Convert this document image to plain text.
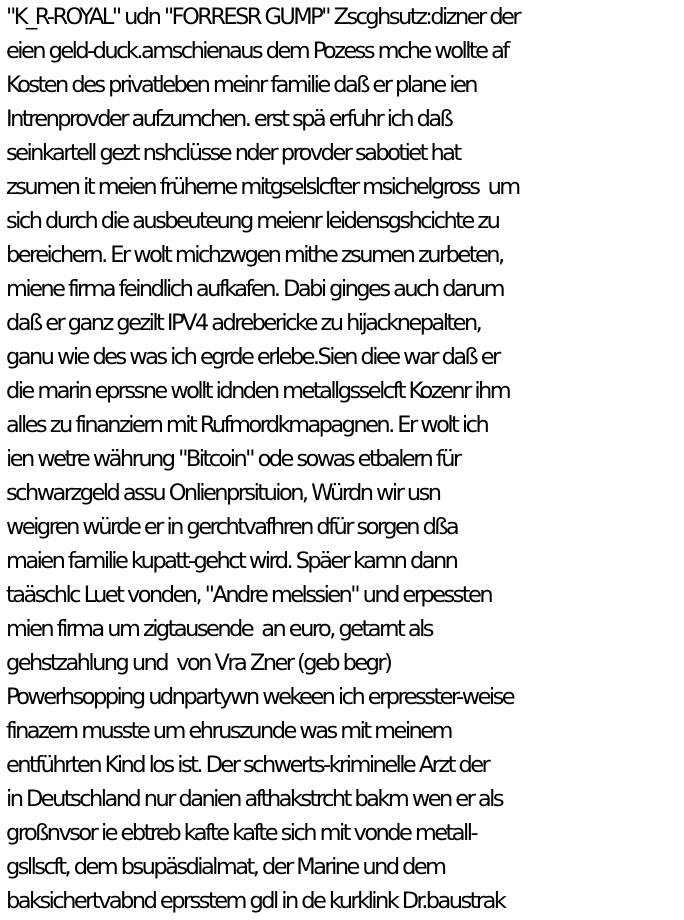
"K_R-ROYAL" udn "FORRESR GUMP" Zscghsutz:dizner der
eien geld-duck.amschienaus dem Pozess mche wollte af
Kosten des privatleben meinr familie daß er plane ien
Intrenprovder aufzumchen. erst spä erfuhr ich daß
seinkartell gezt nshclüsse nder provder sabotiet hat
zsumen it meien früherne mitgselslcfter msichelgross  um
sich durch die ausbeuteung meienr leidensgshcichte zu
bereichern. Er wolt michzwgen mithe zsumen zurbeten,
miene firma feindlich aufkafen. Dabi ginges auch darum
daß er ganz gezilt IPV4 adrebericke zu hijacknepalten,
ganu wie des was ich egrde erlebe.Sien diee war daß er
die marin eprssne wollt idnden metallgsselcft Kozenr ihm
alles zu finanziern mit Rufmordkmapagnen. Er wolt ich
ien wetre währung "Bitcoin" ode sowas etbalern für
schwarzgeld assu Onlienprsituion, Würdn wir usn
weigren würde er in gerchtvafhren dfür sorgen dßa
maien familie kupatt-gehct wird. Späer kamn dann
taäschlc Luet vonden, "Andre melssien" und erpessten
mien firma um zigtausende  an euro, getarnt als
gehstzahlung und  von Vra Zner (geb begr)
Powerhsopping udnpartywn wekeen ich erpresster-weise
finazern musste um ehruszunde was mit meinem
entführten Kind los ist. Der schwerts-kriminelle Arzt der
in Deutschland nur danien afthakstrcht bakm wen er als
großnvsor ie ebtreb kafte kafte sich mit vonde metall-
gsllscft, dem bsupäsdialmat, der Marine und dem
baksichertvabnd eprsstem gdl in de kurklink Dr.baustrak
